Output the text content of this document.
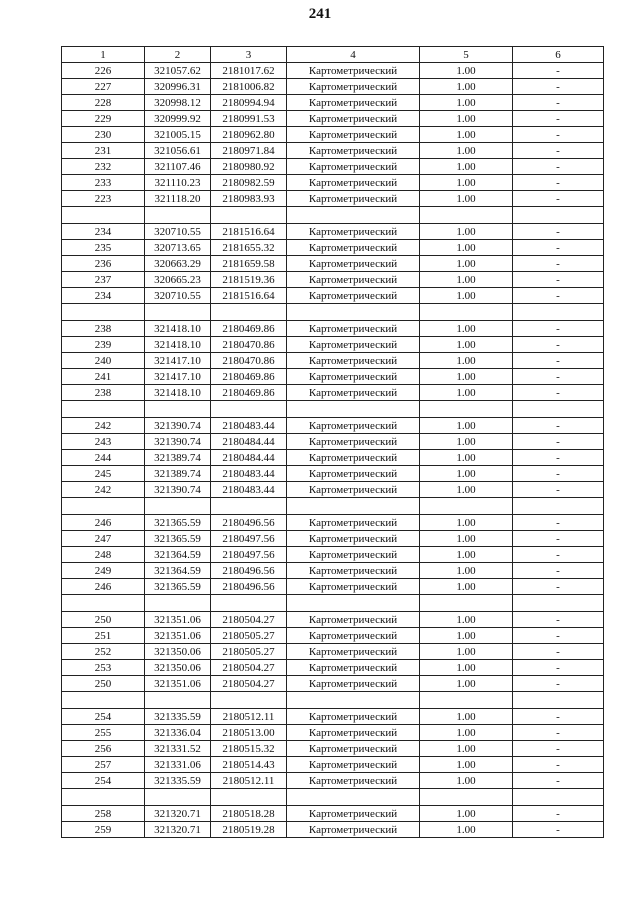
241
1	2	3	4	5	6
226	321057.62	2181017.62	Картометрический	1.00	-
227	320996.31	2181006.82	Картометрический	1.00	-
228	320998.12	2180994.94	Картометрический	1.00	-
229	320999.92	2180991.53	Картометрический	1.00	-
230	321005.15	2180962.80	Картометрический	1.00	-
231	321056.61	2180971.84	Картометрический	1.00	-
232	321107.46	2180980.92	Картометрический	1.00	-
233	321110.23	2180982.59	Картометрический	1.00	-
223	321118.20	2180983.93	Картометрический	1.00	-

234	320710.55	2181516.64	Картометрический	1.00	-
235	320713.65	2181655.32	Картометрический	1.00	-
236	320663.29	2181659.58	Картометрический	1.00	-
237	320665.23	2181519.36	Картометрический	1.00	-
234	320710.55	2181516.64	Картометрический	1.00	-

238	321418.10	2180469.86	Картометрический	1.00	-
239	321418.10	2180470.86	Картометрический	1.00	-
240	321417.10	2180470.86	Картометрический	1.00	-
241	321417.10	2180469.86	Картометрический	1.00	-
238	321418.10	2180469.86	Картометрический	1.00	-

242	321390.74	2180483.44	Картометрический	1.00	-
243	321390.74	2180484.44	Картометрический	1.00	-
244	321389.74	2180484.44	Картометрический	1.00	-
245	321389.74	2180483.44	Картометрический	1.00	-
242	321390.74	2180483.44	Картометрический	1.00	-

246	321365.59	2180496.56	Картометрический	1.00	-
247	321365.59	2180497.56	Картометрический	1.00	-
248	321364.59	2180497.56	Картометрический	1.00	-
249	321364.59	2180496.56	Картометрический	1.00	-
246	321365.59	2180496.56	Картометрический	1.00	-

250	321351.06	2180504.27	Картометрический	1.00	-
251	321351.06	2180505.27	Картометрический	1.00	-
252	321350.06	2180505.27	Картометрический	1.00	-
253	321350.06	2180504.27	Картометрический	1.00	-
250	321351.06	2180504.27	Картометрический	1.00	-

254	321335.59	2180512.11	Картометрический	1.00	-
255	321336.04	2180513.00	Картометрический	1.00	-
256	321331.52	2180515.32	Картометрический	1.00	-
257	321331.06	2180514.43	Картометрический	1.00	-
254	321335.59	2180512.11	Картометрический	1.00	-

258	321320.71	2180518.28	Картометрический	1.00	-
259	321320.71	2180519.28	Картометрический	1.00	-
